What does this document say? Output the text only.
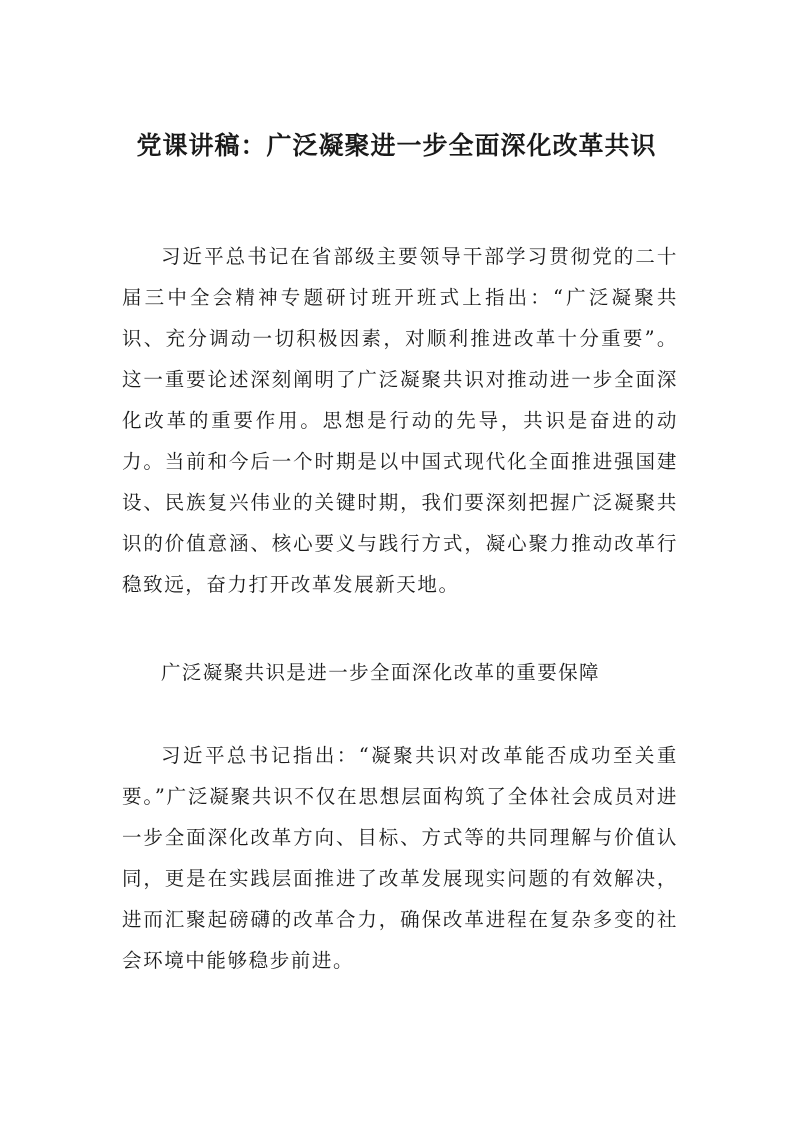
党课讲稿：广泛凝聚进一步全面深化改革共识

习近平总书记在省部级主要领导干部学习贯彻党的二十届三中全会精神专题研讨班开班式上指出：“广泛凝聚共识、充分调动一切积极因素，对顺利推进改革十分重要”。这一重要论述深刻阐明了广泛凝聚共识对推动进一步全面深化改革的重要作用。思想是行动的先导，共识是奋进的动力。当前和今后一个时期是以中国式现代化全面推进强国建设、民族复兴伟业的关键时期，我们要深刻把握广泛凝聚共识的价值意涵、核心要义与践行方式，凝心聚力推动改革行稳致远，奋力打开改革发展新天地。

广泛凝聚共识是进一步全面深化改革的重要保障

习近平总书记指出：“凝聚共识对改革能否成功至关重要。”广泛凝聚共识不仅在思想层面构筑了全体社会成员对进一步全面深化改革方向、目标、方式等的共同理解与价值认同，更是在实践层面推进了改革发展现实问题的有效解决，进而汇聚起磅礴的改革合力，确保改革进程在复杂多变的社会环境中能够稳步前进。
